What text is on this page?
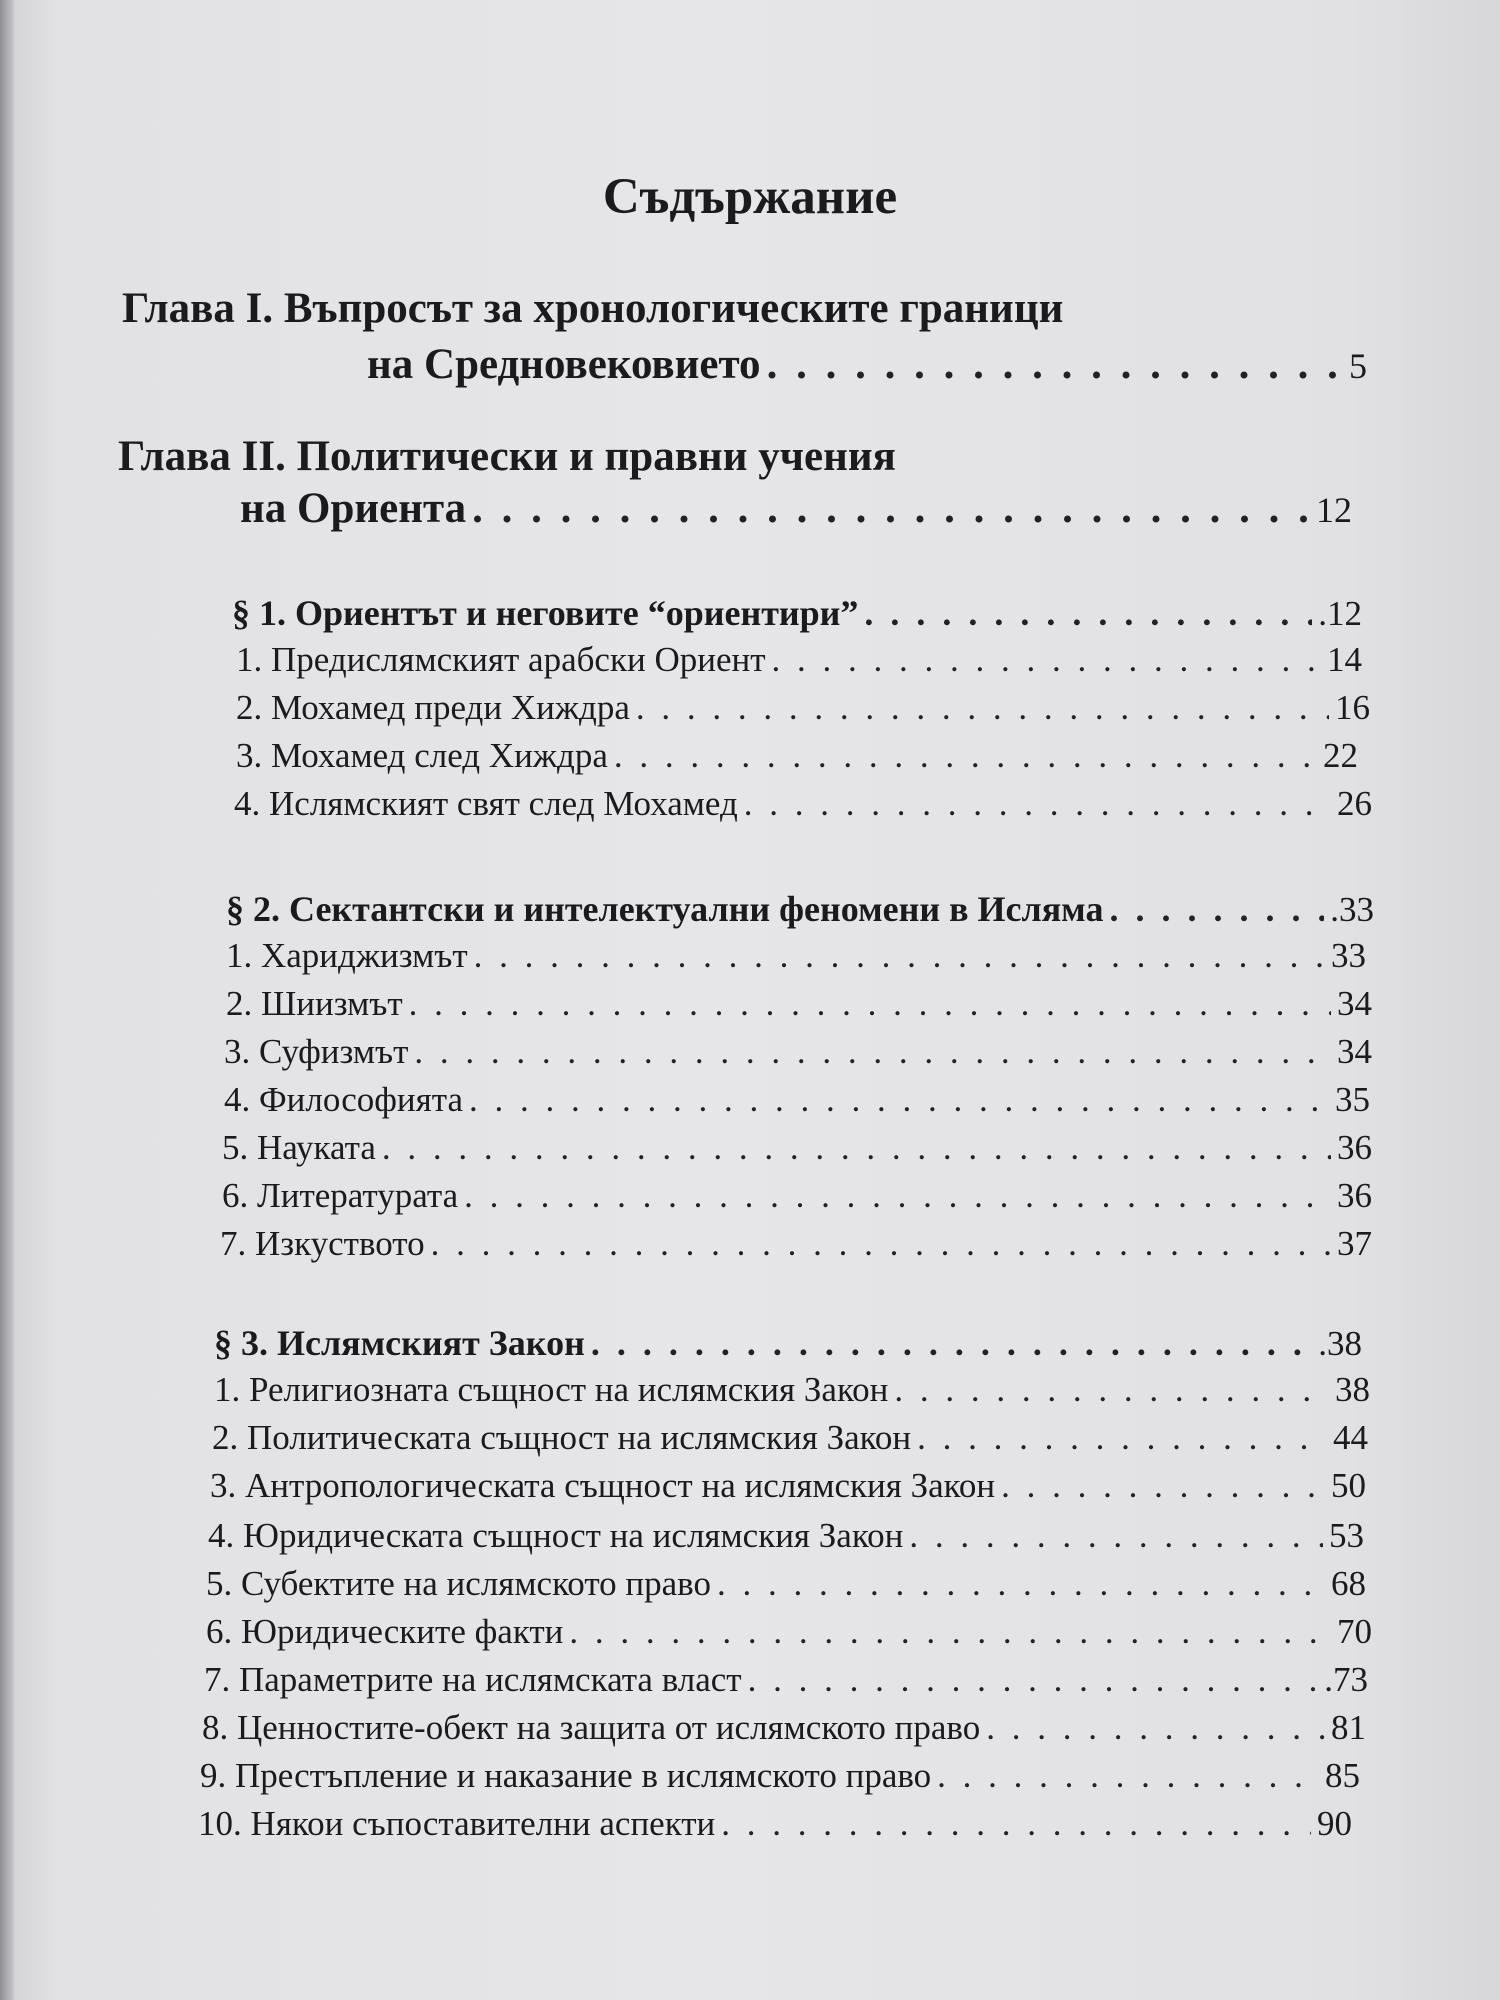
Съдържание
Глава I. Въпросът за хронологическите граници
на Средновековието . . .	5
Глава II. Политически и правни учения
на Ориента . . .	12
§ 1. Ориентът и неговите “ориентири” . . .	.12
1. Предислямският арабски Ориент . . .	14
2. Мохамед преди Хиждра . . .	16
3. Мохамед след Хиждра . . .	22
4. Ислямският свят след Мохамед . . .	26
§ 2. Сектантски и интелектуални феномени в Исляма . . .	.33
1. Хариджизмът . . .	33
2. Шиизмът . . .	34
3. Суфизмът . . .	34
4. Философията . . .	35
5. Науката . . .	36
6. Литературата . . .	36
7. Изкуството . . .	37
§ 3. Ислямският Закон . . .	.38
1. Религиозната същност на ислямския Закон . . .	38
2. Политическата същност на ислямския Закон . . .	44
3. Антропологическата същност на ислямския Закон . . .	50
4. Юридическата същност на ислямския Закон . . .	53
5. Субектите на ислямското право . . .	68
6. Юридическите факти . . .	70
7. Параметрите на ислямската власт . . .	.73
8. Ценностите-обект на защита от ислямското право . . .	81
9. Престъпление и наказание в ислямското право . . .	85
10. Някои съпоставителни аспекти . . .	90
